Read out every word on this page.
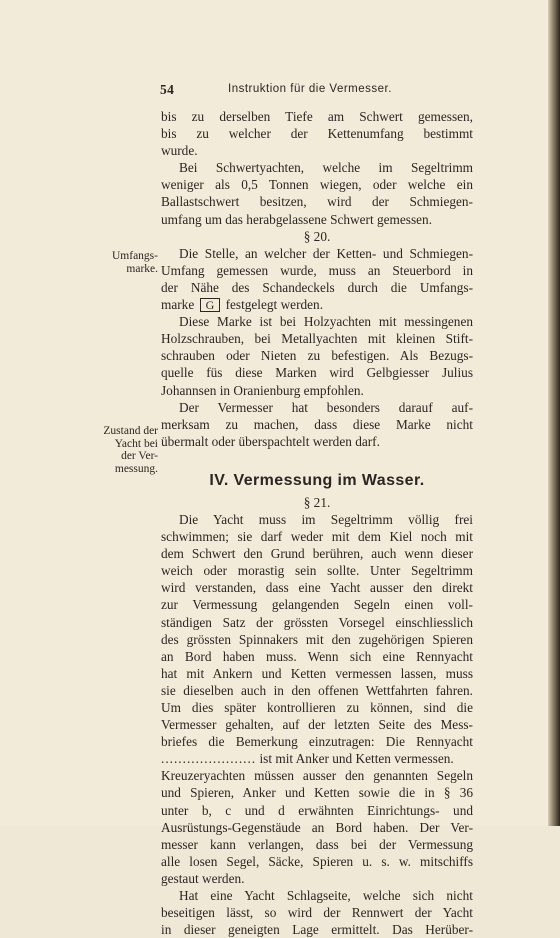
54	Instruktion für die Vermesser.
Umfangs-
marke.
Zustand der
Yacht bei
der Ver-
messung.

bis zu derselben Tiefe am Schwert gemessen,
bis zu welcher der Kettenumfang bestimmt
wurde.

Bei Schwertyachten, welche im Segeltrimm
weniger als 0,5 Tonnen wiegen, oder welche ein
Ballastschwert besitzen, wird der Schmiegen-
umfang um das herabgelassene Schwert gemessen.

§ 20.

Die Stelle, an welcher der Ketten- und Schmiegen-
Umfang gemessen wurde, muss an Steuerbord in
der Nähe des Schandeckels durch die Umfangs-
marke G festgelegt werden.

Diese Marke ist bei Holzyachten mit messingenen
Holzschrauben, bei Metallyachten mit kleinen Stift-
schrauben oder Nieten zu befestigen. Als Bezugs-
quelle füs diese Marken wird Gelbgiesser Julius
Johannsen in Oranienburg empfohlen.

Der Vermesser hat besonders darauf auf-
merksam zu machen, dass diese Marke nicht
übermalt oder überspachtelt werden darf.

IV. Vermessung im Wasser.

§ 21.

Die Yacht muss im Segeltrimm völlig frei
schwimmen; sie darf weder mit dem Kiel noch mit
dem Schwert den Grund berühren, auch wenn dieser
weich oder morastig sein sollte. Unter Segeltrimm
wird verstanden, dass eine Yacht ausser den direkt
zur Vermessung gelangenden Segeln einen voll-
ständigen Satz der grössten Vorsegel einschliesslich
des grössten Spinnakers mit den zugehörigen Spieren
an Bord haben muss. Wenn sich eine Rennyacht
hat mit Ankern und Ketten vermessen lassen, muss
sie dieselben auch in den offenen Wettfahrten fahren.
Um dies später kontrollieren zu können, sind die
Vermesser gehalten, auf der letzten Seite des Mess-
briefes die Bemerkung einzutragen: Die Rennyacht
...................... ist mit Anker und Ketten vermessen.
Kreuzeryachten müssen ausser den genannten Segeln
und Spieren, Anker und Ketten sowie die in § 36
unter b, c und d erwähnten Einrichtungs- und
Ausrüstungs-Gegenstäude an Bord haben. Der Ver-
messer kann verlangen, dass bei der Vermessung
alle losen Segel, Säcke, Spieren u. s. w. mitschiffs
gestaut werden.

Hat eine Yacht Schlagseite, welche sich nicht
beseitigen lässt, so wird der Rennwert der Yacht
in dieser geneigten Lage ermittelt. Das Herüber-
